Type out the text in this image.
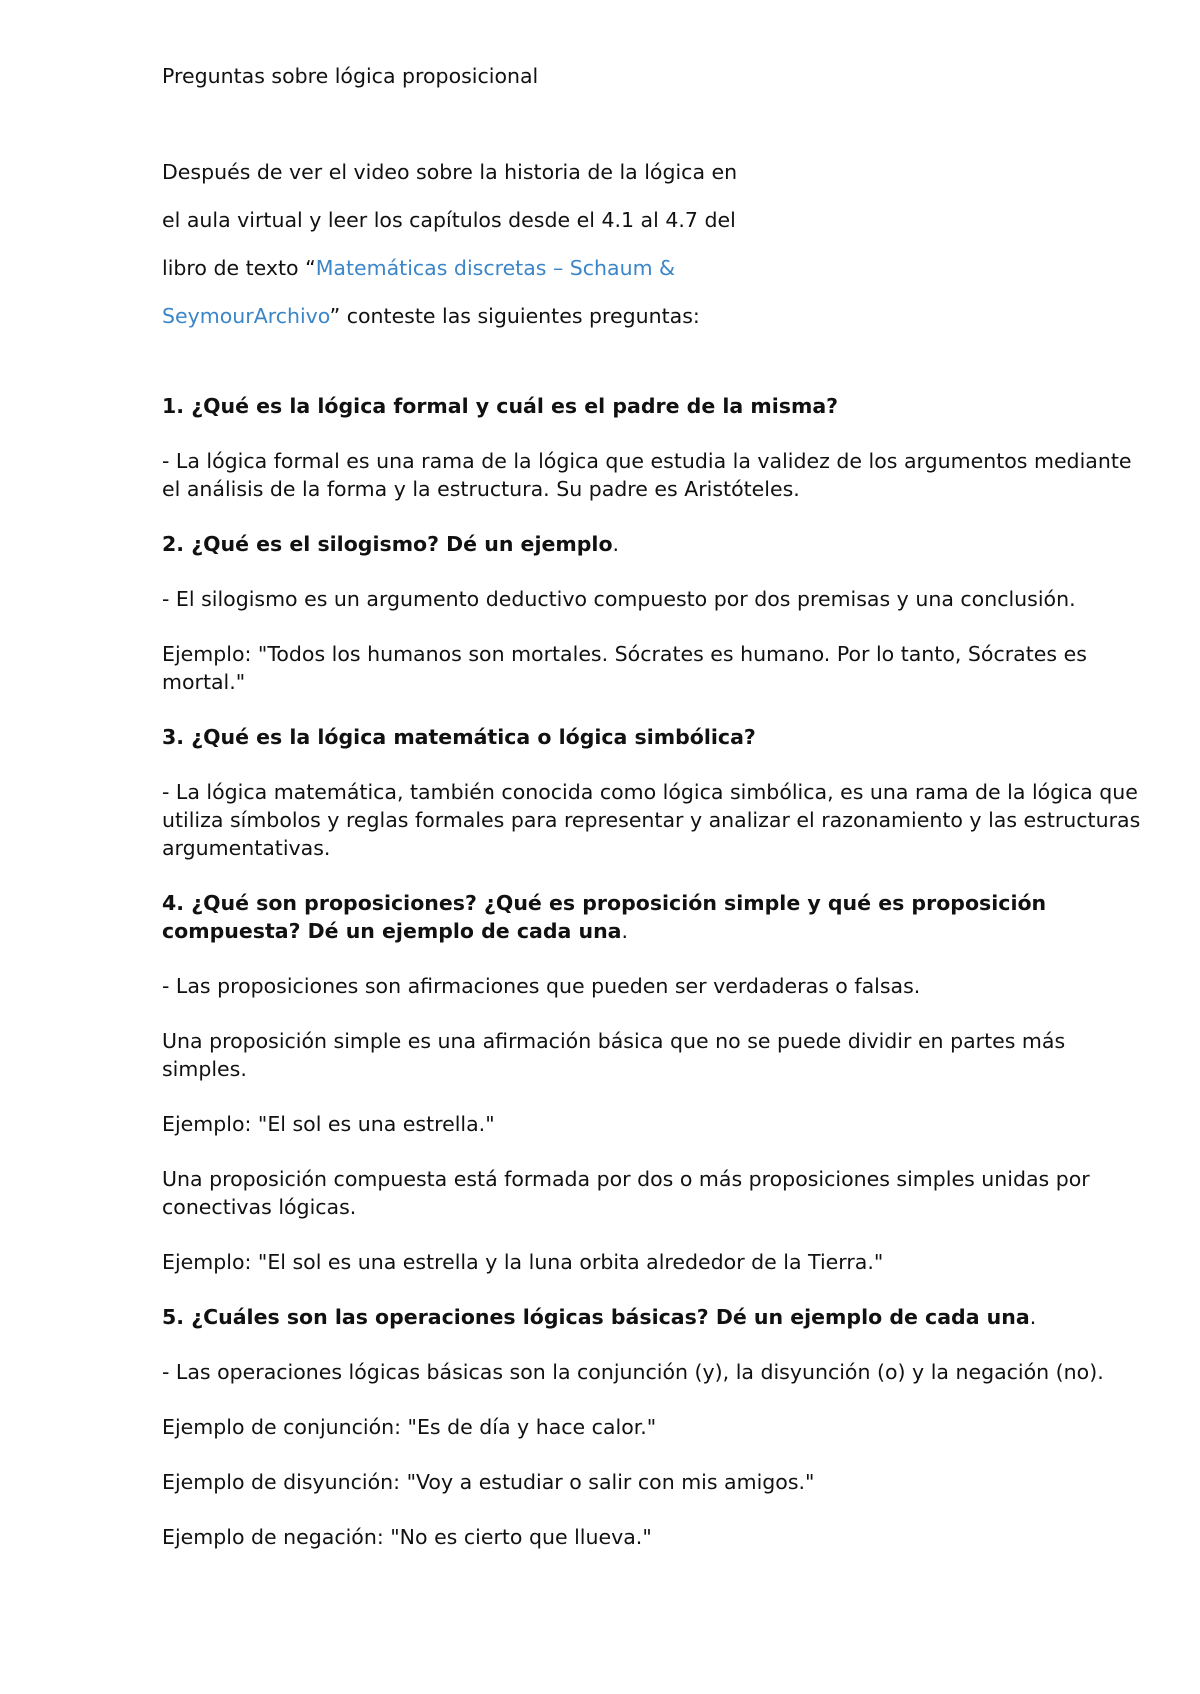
Preguntas sobre lógica proposicional

Después de ver el video sobre la historia de la lógica en

el aula virtual y leer los capítulos desde el 4.1 al 4.7 del

libro de texto “Matemáticas discretas – Schaum &

SeymourArchivo” conteste las siguientes preguntas:

1. ¿Qué es la lógica formal y cuál es el padre de la misma?

- La lógica formal es una rama de la lógica que estudia la validez de los argumentos mediante el análisis de la forma y la estructura. Su padre es Aristóteles.

2. ¿Qué es el silogismo? Dé un ejemplo.

- El silogismo es un argumento deductivo compuesto por dos premisas y una conclusión.

Ejemplo: "Todos los humanos son mortales. Sócrates es humano. Por lo tanto, Sócrates es mortal."

3. ¿Qué es la lógica matemática o lógica simbólica?

- La lógica matemática, también conocida como lógica simbólica, es una rama de la lógica que utiliza símbolos y reglas formales para representar y analizar el razonamiento y las estructuras argumentativas.

4. ¿Qué son proposiciones? ¿Qué es proposición simple y qué es proposición compuesta? Dé un ejemplo de cada una.

- Las proposiciones son afirmaciones que pueden ser verdaderas o falsas.

Una proposición simple es una afirmación básica que no se puede dividir en partes más simples.

Ejemplo: "El sol es una estrella."

Una proposición compuesta está formada por dos o más proposiciones simples unidas por conectivas lógicas.

Ejemplo: "El sol es una estrella y la luna orbita alrededor de la Tierra."

5. ¿Cuáles son las operaciones lógicas básicas? Dé un ejemplo de cada una.

- Las operaciones lógicas básicas son la conjunción (y), la disyunción (o) y la negación (no).

Ejemplo de conjunción: "Es de día y hace calor."

Ejemplo de disyunción: "Voy a estudiar o salir con mis amigos."

Ejemplo de negación: "No es cierto que llueva."
